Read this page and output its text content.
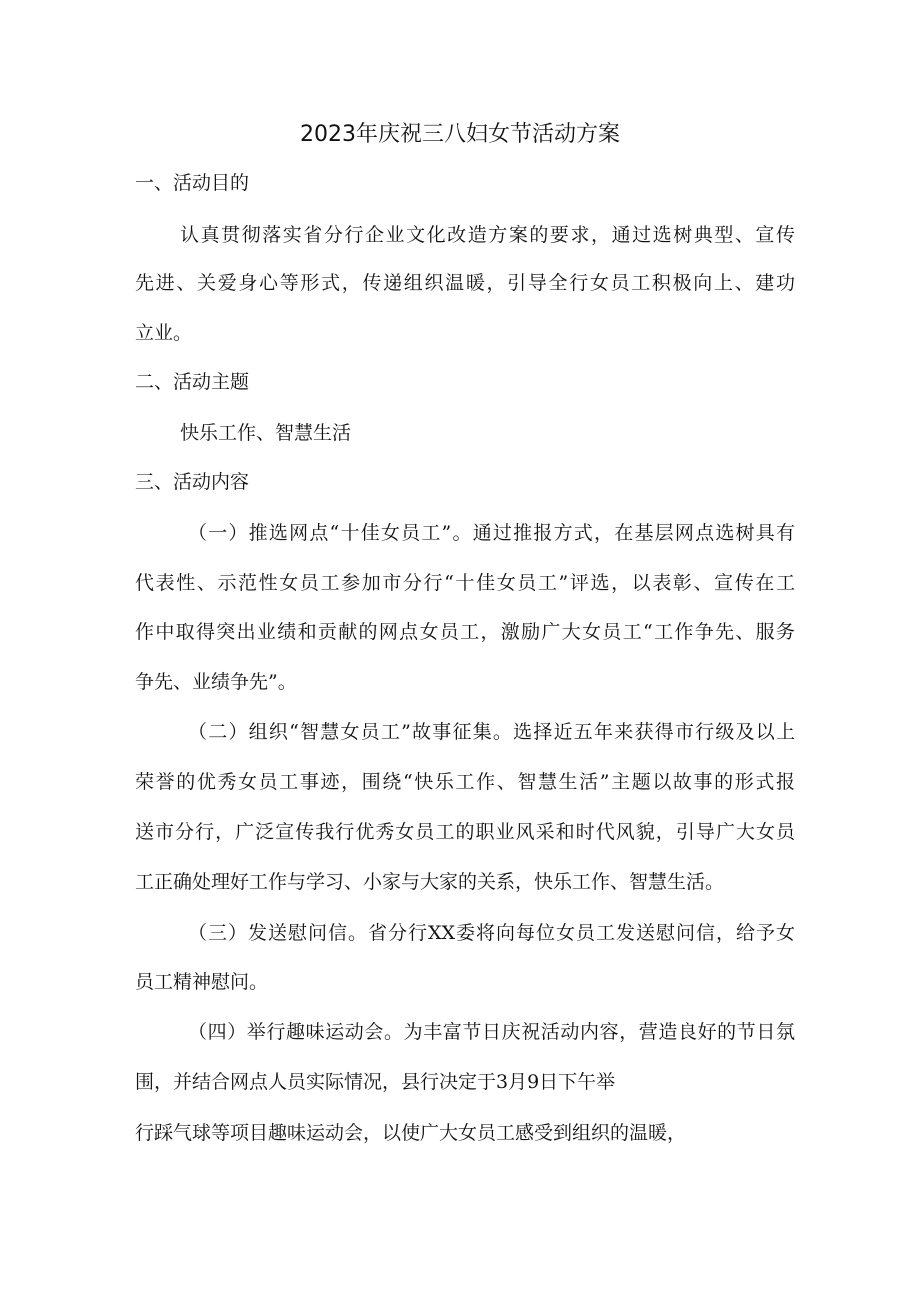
2023年庆祝三八妇女节活动方案
一、活动目的
认真贯彻落实省分行企业文化改造方案的要求，通过选树典型、宣传
先进、关爱身心等形式，传递组织温暖，引导全行女员工积极向上、建功
立业。
二、活动主题
快乐工作、智慧生活
三、活动内容
（一）推选网点“十佳女员工”。通过推报方式，在基层网点选树具有
代表性、示范性女员工参加市分行“十佳女员工”评选，以表彰、宣传在工
作中取得突出业绩和贡献的网点女员工，激励广大女员工“工作争先、服务
争先、业绩争先”。
（二）组织“智慧女员工”故事征集。选择近五年来获得市行级及以上
荣誉的优秀女员工事迹，围绕“快乐工作、智慧生活”主题以故事的形式报
送市分行，广泛宣传我行优秀女员工的职业风采和时代风貌，引导广大女员
工正确处理好工作与学习、小家与大家的关系，快乐工作、智慧生活。
（三）发送慰问信。省分行XX委将向每位女员工发送慰问信，给予女
员工精神慰问。
（四）举行趣味运动会。为丰富节日庆祝活动内容，营造良好的节日氛
围，并结合网点人员实际情况，县行决定于3月9日下午举
行踩气球等项目趣味运动会，以使广大女员工感受到组织的温暖，
